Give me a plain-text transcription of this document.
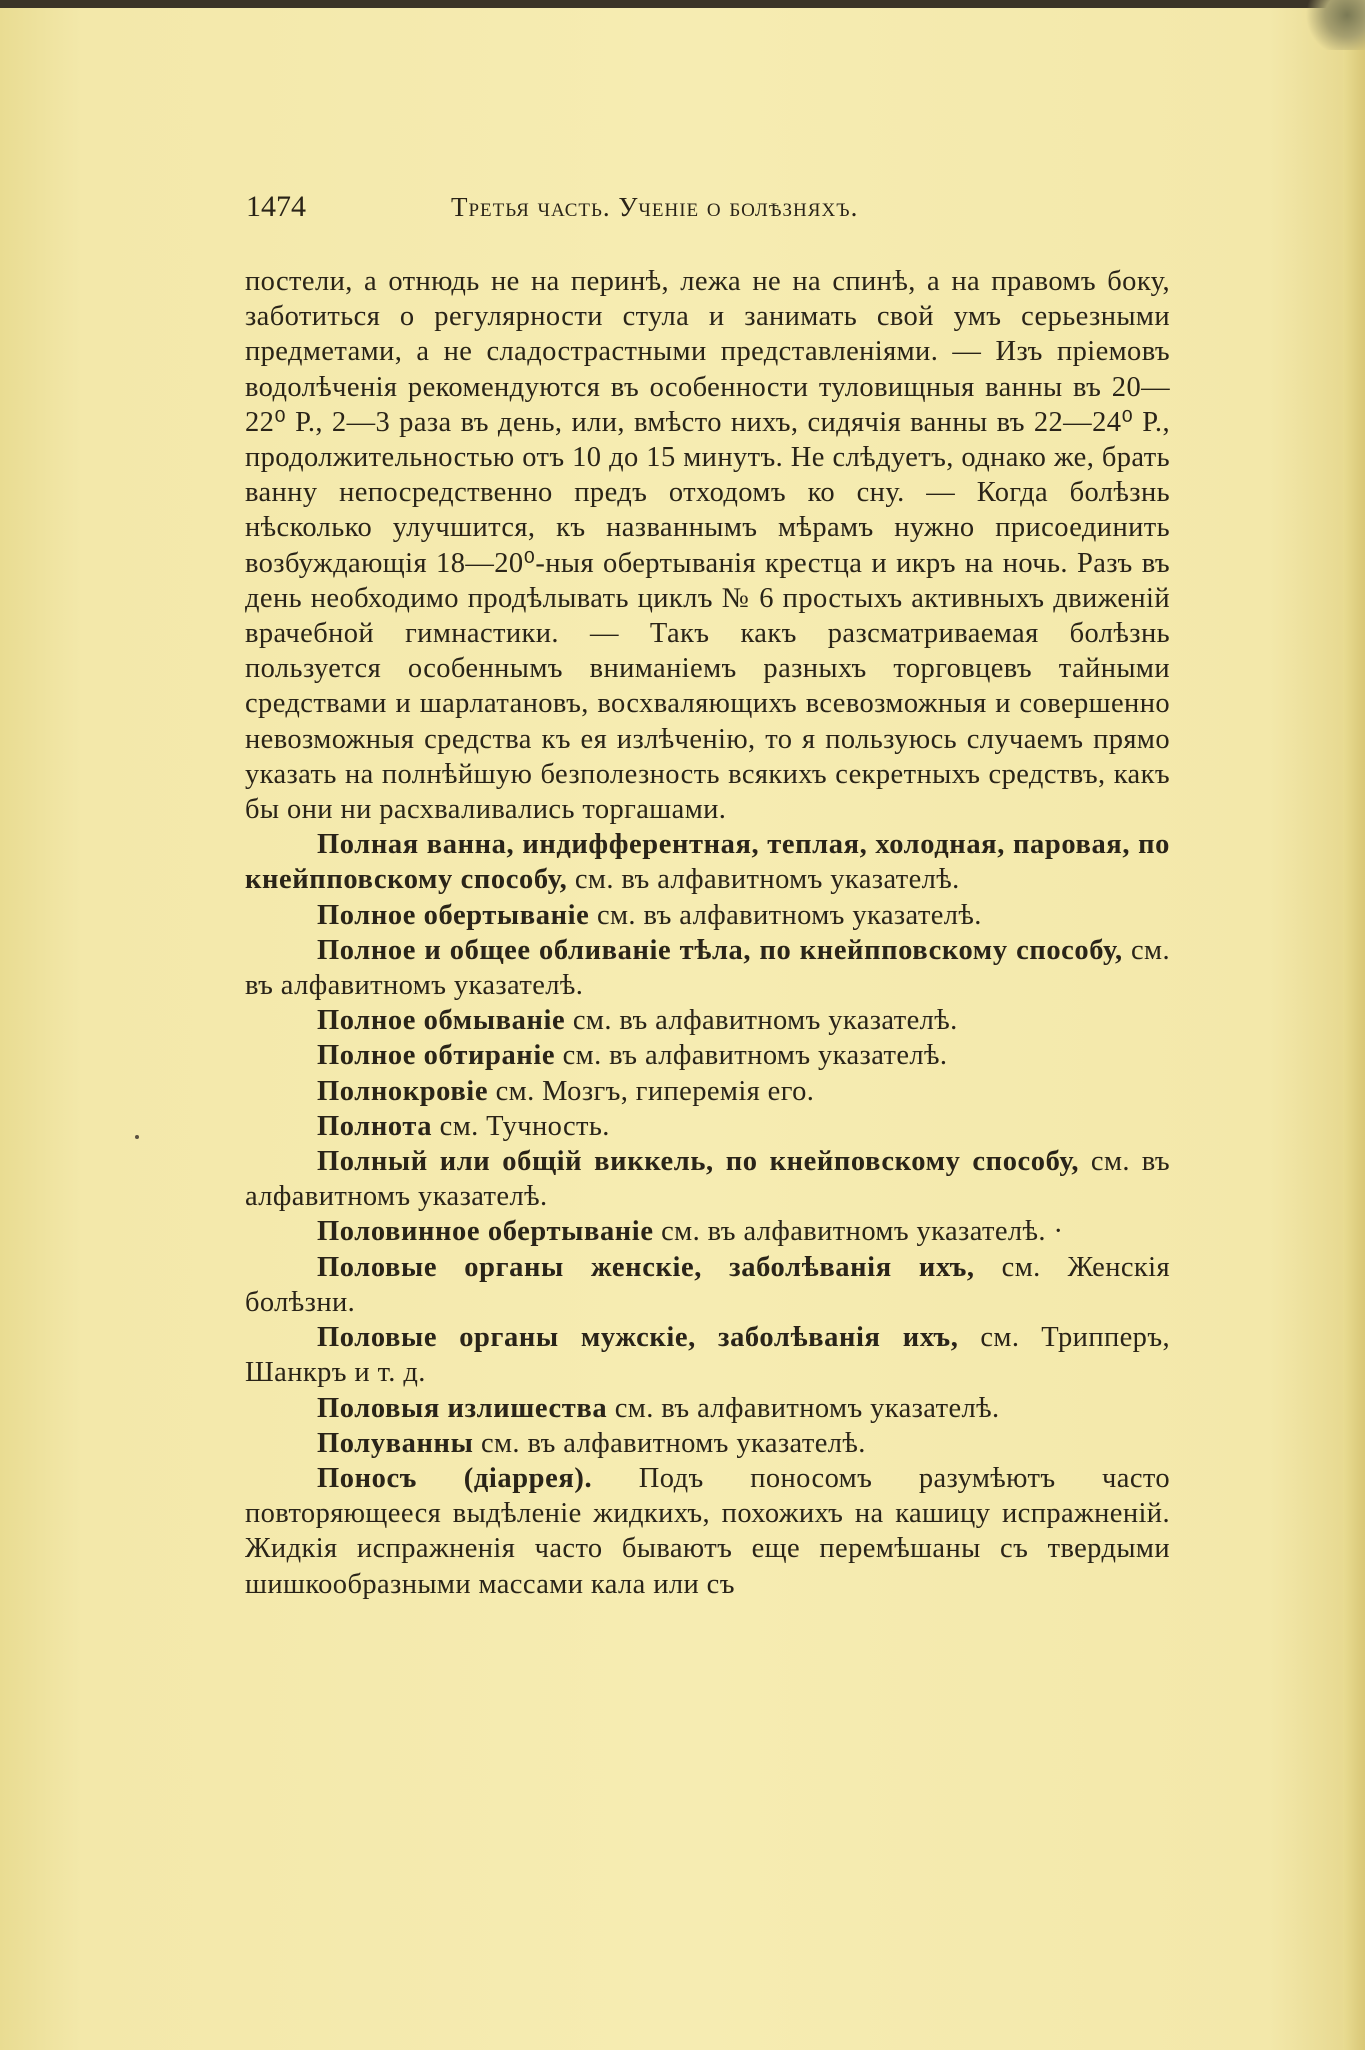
1474	Третья часть. Ученіе о болѣзняхъ.

постели, а отнюдь не на перинѣ, лежа не на спинѣ, а на правомъ боку, заботиться о регулярности стула и занимать свой умъ серьезными предметами, а не сладострастными представленіями. — Изъ пріемовъ водолѣченія рекомендуются въ особенности туловищныя ванны въ 20—22⁰ Р., 2—3 раза въ день, или, вмѣсто нихъ, сидячія ванны въ 22—24⁰ Р., продолжительностью отъ 10 до 15 минутъ. Не слѣдуетъ, однако же, брать ванну непосредственно предъ отходомъ ко сну. — Когда болѣзнь нѣсколько улучшится, къ названнымъ мѣрамъ нужно присоединить возбуждающія 18—20⁰-ныя обертыванія крестца и икръ на ночь. Разъ въ день необходимо продѣлывать циклъ № 6 простыхъ активныхъ движеній врачебной гимнастики. — Такъ какъ разсматриваемая болѣзнь пользуется особеннымъ вниманіемъ разныхъ торговцевъ тайными средствами и шарлатановъ, восхваляющихъ всевозможныя и совершенно невозможныя средства къ ея излѣченію, то я пользуюсь случаемъ прямо указать на полнѣйшую безполезность всякихъ секретныхъ средствъ, какъ бы они ни расхваливались торгашами.

Полная ванна, индифферентная, теплая, холодная, паровая, по кнейпповскому способу, см. въ алфавитномъ указателѣ.

Полное обертываніе см. въ алфавитномъ указателѣ.

Полное и общее обливаніе тѣла, по кнейпповскому способу, см. въ алфавитномъ указателѣ.

Полное обмываніе см. въ алфавитномъ указателѣ.

Полное обтираніе см. въ алфавитномъ указателѣ.

Полнокровіе см. Мозгъ, гиперемія его.

Полнота см. Тучность.

Полный или общій виккель, по кнейповскому способу, см. въ алфавитномъ указателѣ.

Половинное обертываніе см. въ алфавитномъ указателѣ. ·

Половые органы женскіе, заболѣванія ихъ, см. Женскія болѣзни.

Половые органы мужскіе, заболѣванія ихъ, см. Трипперъ, Шанкръ и т. д.

Половыя излишества см. въ алфавитномъ указателѣ.

Полуванны см. въ алфавитномъ указателѣ.

Поносъ (діаррея). Подъ поносомъ разумѣютъ часто повторяющееся выдѣленіе жидкихъ, похожихъ на кашицу испражненій. Жидкія испражненія часто бываютъ еще перемѣшаны съ твердыми шишкообразными массами кала или съ
